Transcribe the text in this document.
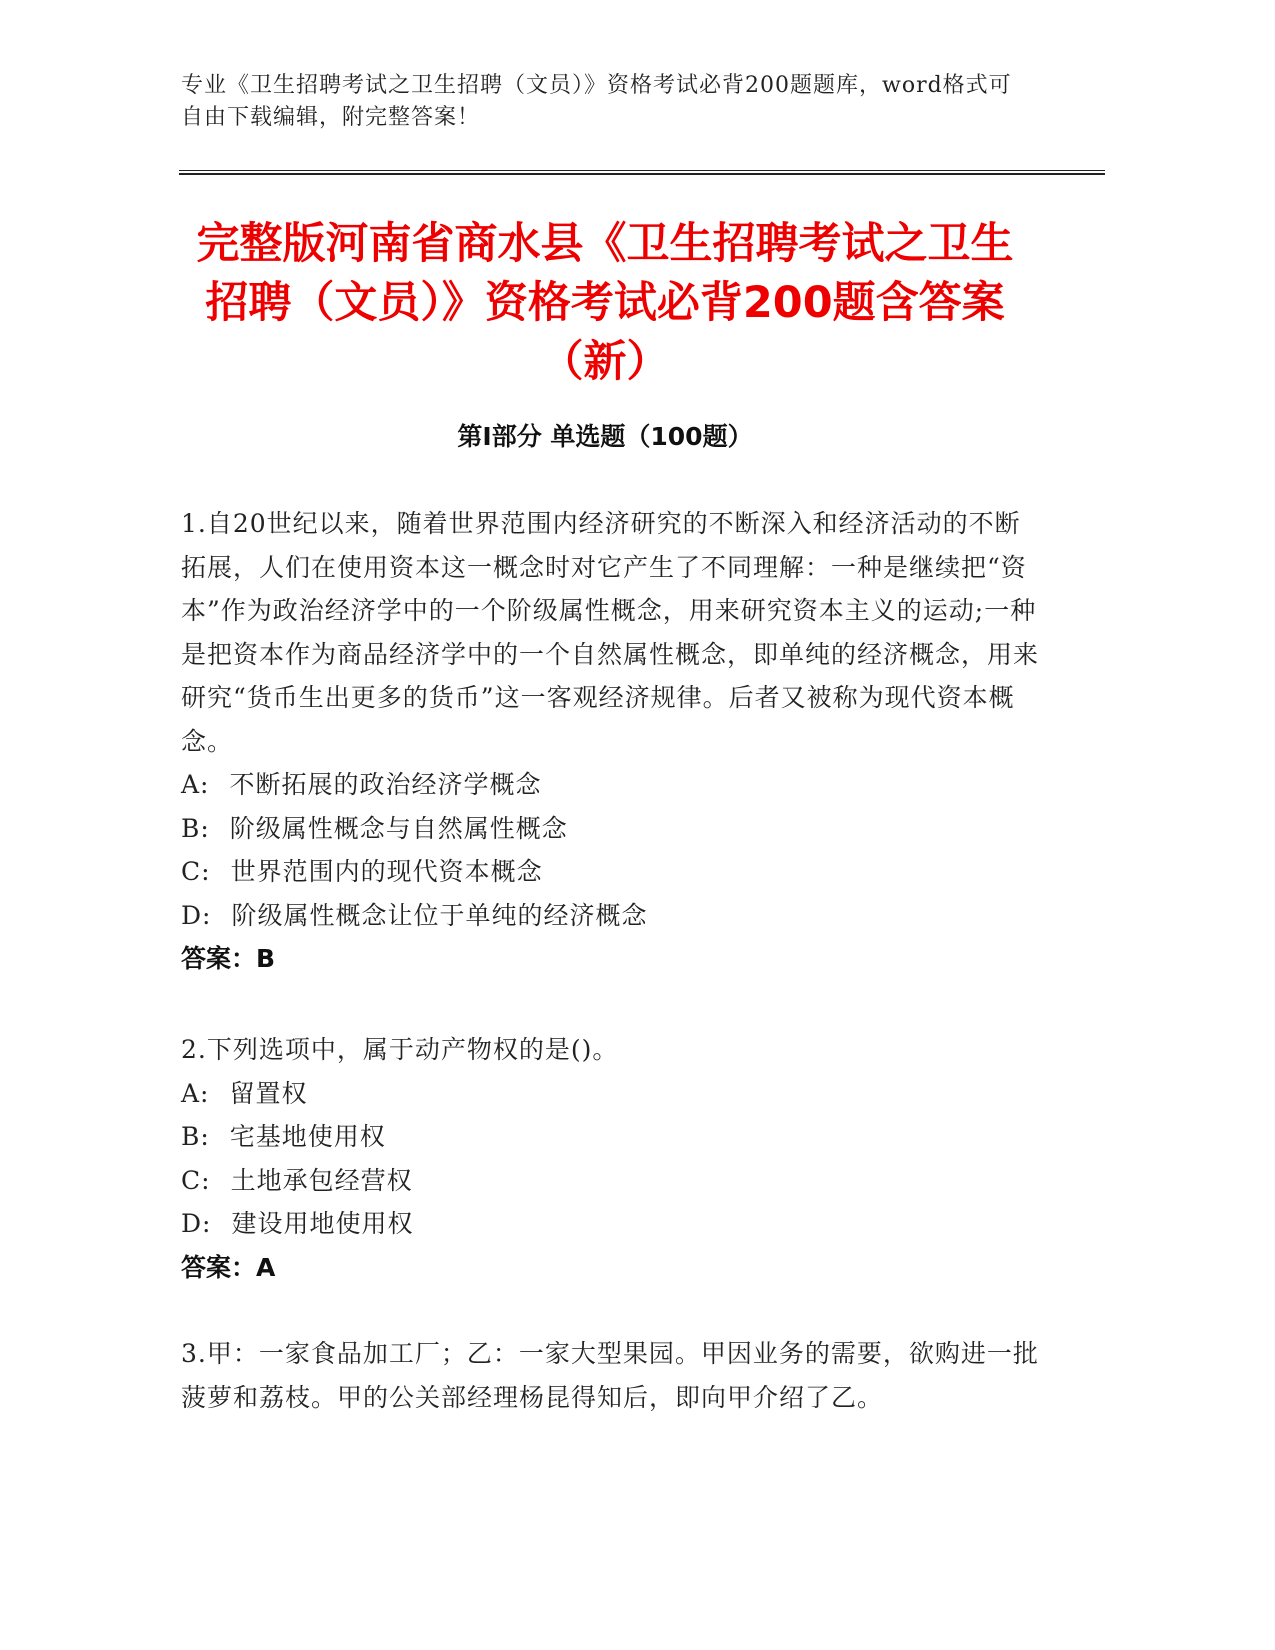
专业《卫生招聘考试之卫生招聘（文员）》资格考试必背200题题库，word格式可自由下载编辑，附完整答案！
完整版河南省商水县《卫生招聘考试之卫生招聘（文员）》资格考试必背200题含答案（新）
第Ⅰ部分 单选题（100题）

1.自20世纪以来，随着世界范围内经济研究的不断深入和经济活动的不断拓展，人们在使用资本这一概念时对它产生了不同理解：一种是继续把“资本”作为政治经济学中的一个阶级属性概念，用来研究资本主义的运动;一种是把资本作为商品经济学中的一个自然属性概念，即单纯的经济概念，用来研究“货币生出更多的货币”这一客观经济规律。后者又被称为现代资本概念。

A: 不断拓展的政治经济学概念

B: 阶级属性概念与自然属性概念

C: 世界范围内的现代资本概念

D: 阶级属性概念让位于单纯的经济概念

答案：B

2.下列选项中，属于动产物权的是()。

A: 留置权

B: 宅基地使用权

C: 土地承包经营权

D: 建设用地使用权

答案：A

3.甲：一家食品加工厂；乙：一家大型果园。甲因业务的需要，欲购进一批菠萝和荔枝。甲的公关部经理杨昆得知后，即向甲介绍了乙。
